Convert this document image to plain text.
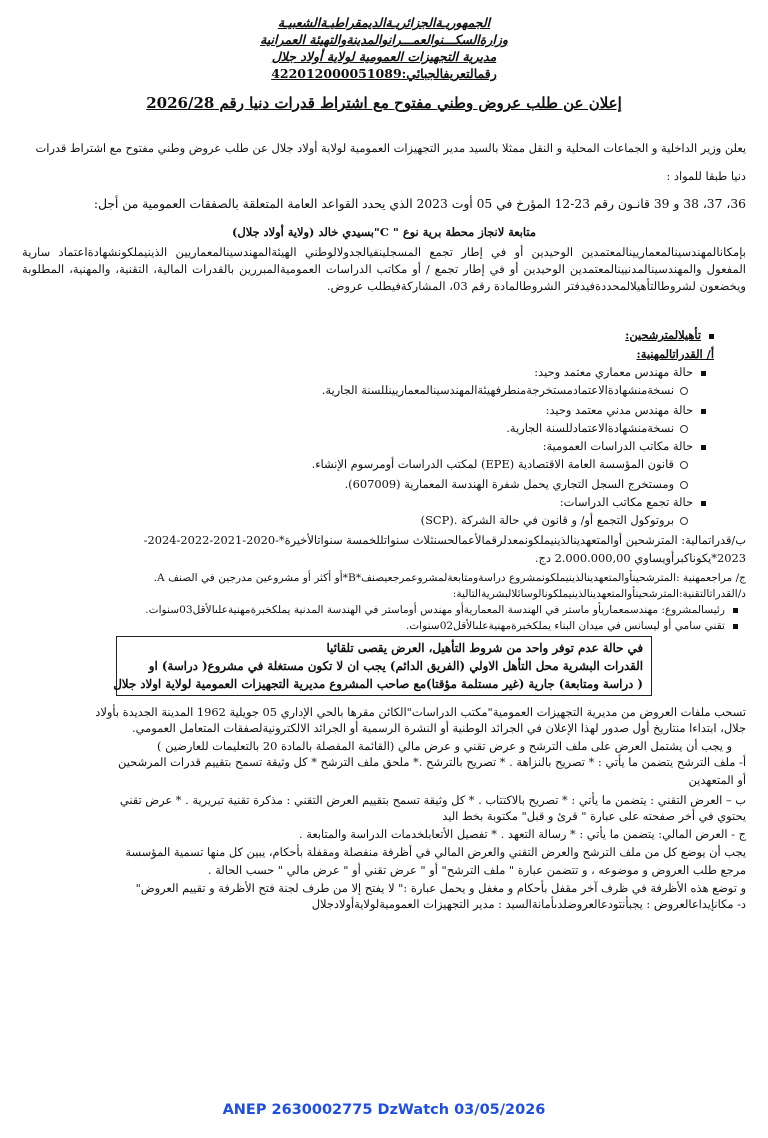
الجمهوريـةالجزائريـةالديمقراطيـةالشعبيـة
وزارةالسكـــنوالعمـــرانوالمدينةوالتهيئة العمرانية
مديرية التجهيزات العمومية لولاية أولاد جلال
رقمالتعريفالجبائي:422012000051089
إعلان عن طلب عروض وطني مفتوح مع اشتراط قدرات دنيا رقم 2026/28
يعلن وزير الداخلية و الجماعات المحلية و النقل ممثلا بالسيد مدير التجهيزات العمومية لولاية أولاد جلال عن طلب عروض وطني مفتوح مع اشتراط قدرات
دنيا طبقا للمواد :
36، 37، 38 و 39 قانـون رقم 23-12 المؤرخ في 05 أوت 2023 الذي يحدد القواعد العامة المتعلقة بالصفقات العمومية من أجل:
متابعة لانجاز محطة برية نوع " C"بسيدي خالد (ولاية أولاد جلال)
بإمكانالمهندسينالمعماريينالمعتمدين الوحيدين أو في إطار تجمع المسجلينفيالجدولالوطني الهيئةالمهندسينالمعماريين الذينيملكونشهادةاعتماد سارية المفعول والمهندسينالمدنيينالمعتمدين الوحيدين أو في إطار تجمع / أو مكاتب الدراسات العموميةالمبررين بالقدرات المالية، التقنية، والمهنية، المطلوبة ويخضعون لشروطالتأهيلالمحددةفيدفتر الشروطالمادة رقم 03، المشاركةفيطلب عروض.
تأهيلالمترشحين:
أ/ القدراتالمهنية:
حالة مهندس معماري معتمد وحيد:
نسخةمنشهادةالاعتمادمستخرجةمنطرفهيئةالمهندسينالمعماريينللسنة الجارية.
حالة مهندس مدني معتمد وحيد:
نسخةمنشهادةالاعتمادللسنة الجارية.
حالة مكاتب الدراسات العمومية:
قانون المؤسسة العامة الاقتصادية (EPE) لمكتب الدراسات أومرسوم الإنشاء.
ومستخرج السجل التجاري يحمل شفرة الهندسة المعمارية (607009).
حالة تجمع مكاتب الدراسات:
بروتوكول التجمع أو/ و قانون في حالة الشركة .(SCP)
ب/قدراتمالية: المترشحين أوالمتعهدينالذينيملكونمعدلرقمالأعمالحسنثلاث سنواتللخمسة سنواتالأخيرة*-2020-2021-2022-2024-
2023*يكوناكبرأويساوي 2.000.000,00 دج.
ج/ مراجعمهنية :المترشحينأوالمتعهدينالذينيملكونمشروع دراسةومتابعةلمشروعمرجعيصنف*B*أو أكثر أو مشروعين مدرجين في الصنف A.
د/القدراتالتقنية:المترشحينأوالمتعهدينالذينيملكونالوسائلالبشريةالتالية:
رئيسالمشروع: مهندسمعماريأو ماستر في الهندسة المعماريةأو مهندس أوماستر في الهندسة المدنية يملكخبرةمهنيةعلىالأقل03سنوات.
تقني سامي أو ليسانس في ميدان البناء يملكخبرةمهنيةعلىالأقل02سنوات.
في حالة عدم توفر واحد من شروط التأهيل، العرض يقصى تلقائيا
القدرات البشرية محل التأهل الاولي (الفريق الدائم) يجب ان لا تكون مستغلة في مشروع( دراسة) او
( دراسة ومتابعة) جارية (غير مستلمة مؤقتا)مع صاحب المشروع مديرية التجهيزات العمومية لولاية اولاد جلال
تسحب ملفات العروض من مديرية التجهيزات العمومية"مكتب الدراسات"الكائن مقرها بالحي الإداري 05 جويلية 1962 المدينة الجديدة بأولاد
جلال، ابتداءا منتاريخ أول صدور لهذا الإعلان في الجرائد الوطنية أو النشرة الرسمية أو الجرائد الالكترونيةلصفقات المتعامل العمومي.
و يجب أن يشتمل العرض على ملف الترشح و عرض تقني و عرض مالي (القائمة المفصلة بالمادة 20 بالتعليمات للعارضين )
أ- ملف الترشح يتضمن ما يأتي : * تصريح بالنزاهة . * تصريح بالترشح .* ملحق ملف الترشح * كل وثيقة تسمح بتقييم قدرات المرشحين
أو المتعهدين
ب – العرض التقني : يتضمن ما يأتي : * تصريح بالاكتتاب . * كل وثيقة تسمح بتقييم العرض التقني : مذكرة تقنية تبريرية . * عرض تقني
يحتوي في أخر صفحته على عبارة " قرئ و قبل" مكتوبة بخط اليد
ج - العرض المالي: يتضمن ما يأتي : * رسالة التعهد . * تفصيل الأتعابلخدمات الدراسة والمتابعة .
يجب أن يوضع كل من ملف الترشح والعرض التقني والعرض المالي في أظرفة منفصلة ومقفلة بأحكام، يبين كل منها تسمية المؤسسة
مرجع طلب العروض و موضوعه ، و تتضمن عبارة " ملف الترشح" أو " عرض تقني أو " عرض مالي " حسب الحالة .
و توضع هذه الأظرفة في ظرف آخر مقفل بأحكام و مغفل و يحمل عبارة :" لا يفتح إلا من طرف لجنة فتح الأظرفة و تقييم العروض"
د- مكانإيداعالعروض : يجبأنتودعالعروضلدىأمانةالسيد : مدير التجهيزات العموميةلولايةأولادجلال
ANEP 2630002775 DzWatch 03/05/2026
